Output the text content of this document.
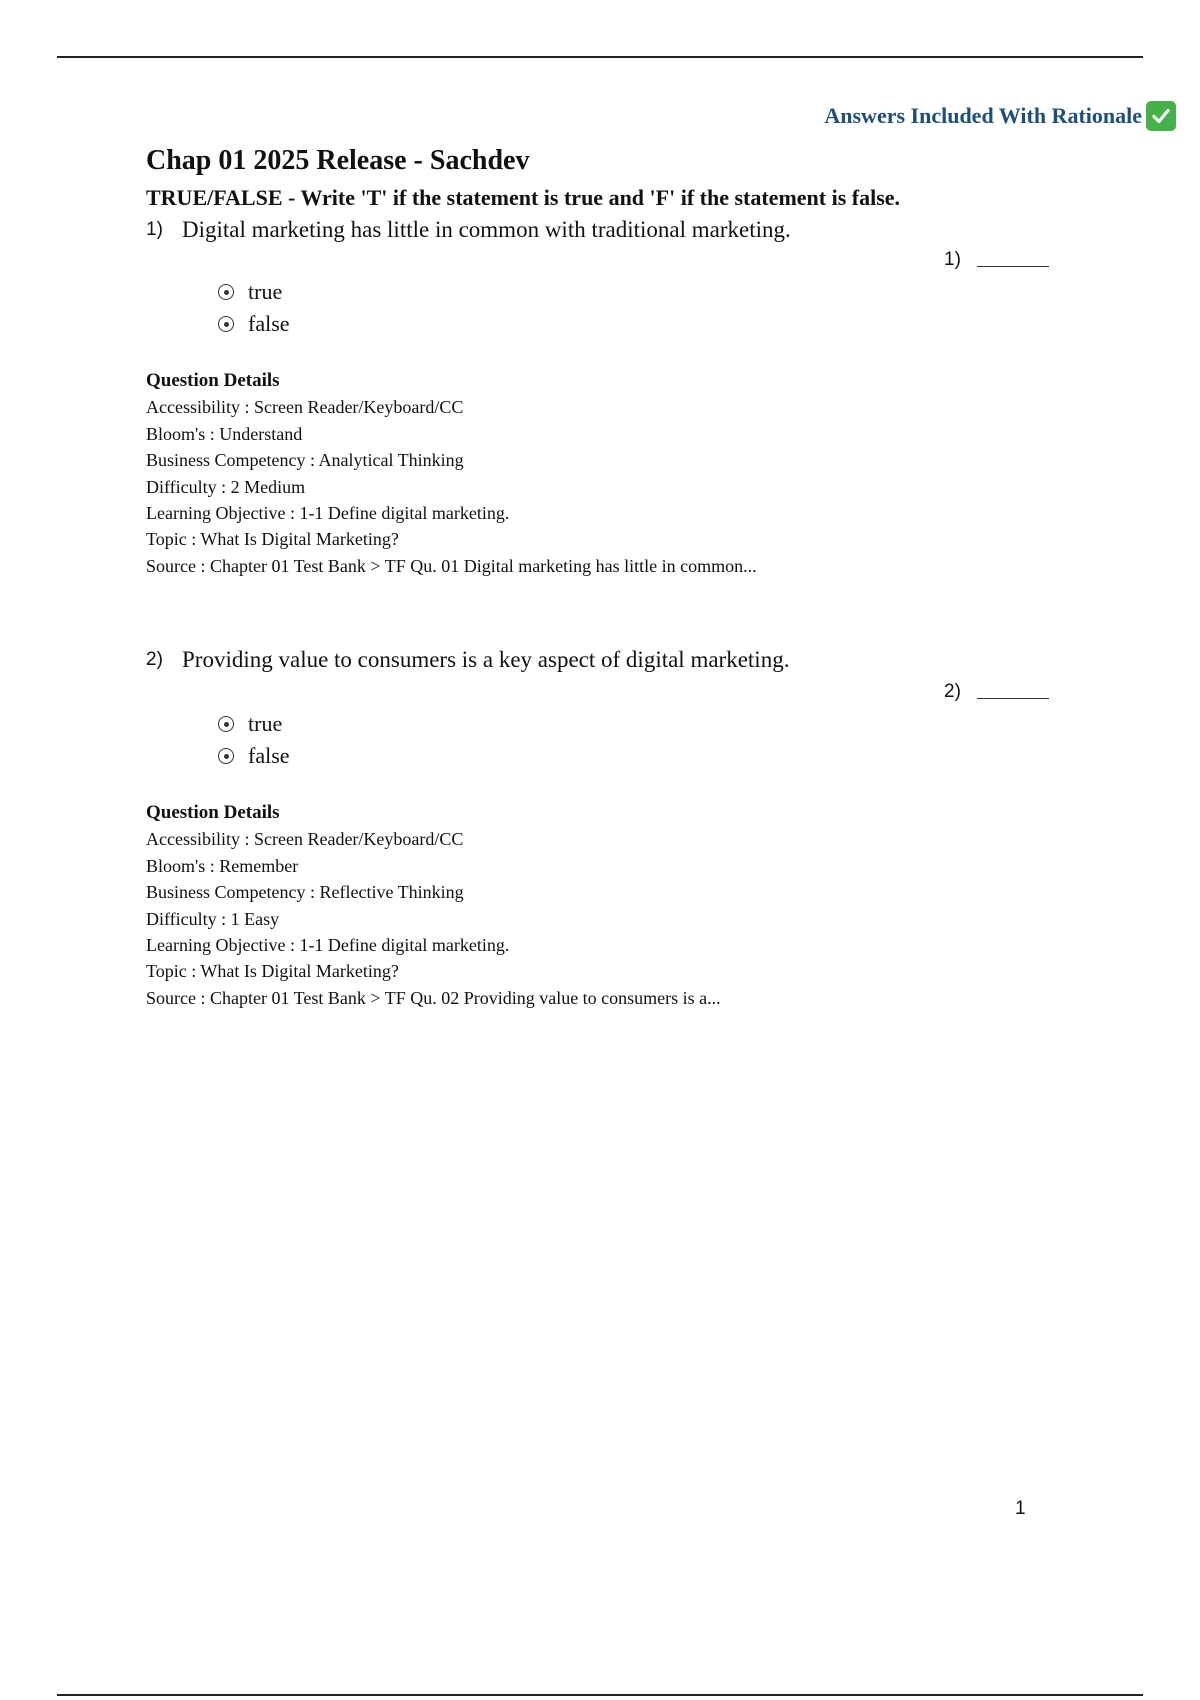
Answers Included With Rationale
Chap 01 2025 Release - Sachdev
TRUE/FALSE - Write 'T' if the statement is true and 'F' if the statement is false.
1) Digital marketing has little in common with traditional marketing.
1)
true
false
Question Details
Accessibility : Screen Reader/Keyboard/CC
Bloom's : Understand
Business Competency : Analytical Thinking
Difficulty : 2 Medium
Learning Objective : 1-1 Define digital marketing.
Topic : What Is Digital Marketing?
Source : Chapter 01 Test Bank > TF Qu. 01 Digital marketing has little in common...
2) Providing value to consumers is a key aspect of digital marketing.
2)
true
false
Question Details
Accessibility : Screen Reader/Keyboard/CC
Bloom's : Remember
Business Competency : Reflective Thinking
Difficulty : 1 Easy
Learning Objective : 1-1 Define digital marketing.
Topic : What Is Digital Marketing?
Source : Chapter 01 Test Bank > TF Qu. 02 Providing value to consumers is a...
1
